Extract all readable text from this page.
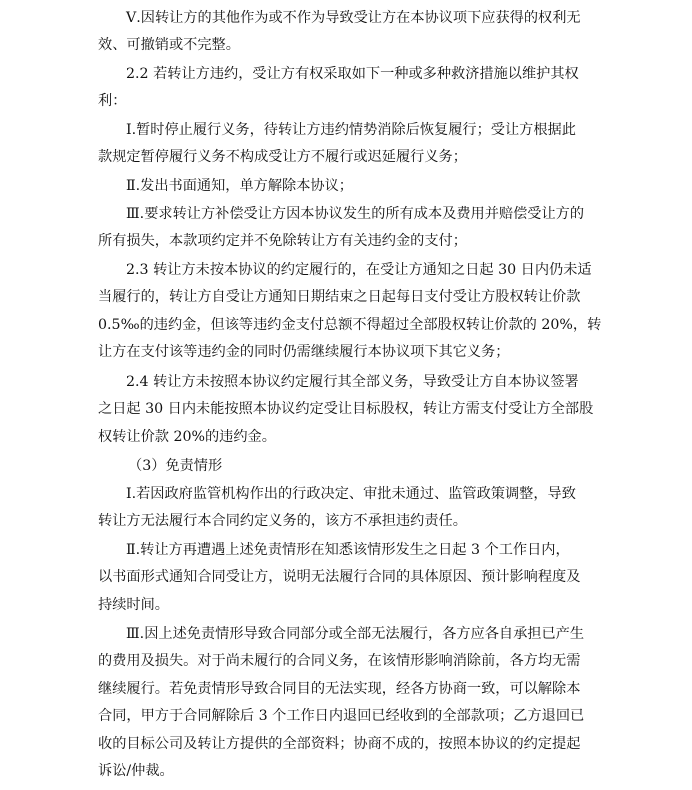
Ⅴ.因转让方的其他作为或不作为导致受让方在本协议项下应获得的权利无
效、可撤销或不完整。
2.2 若转让方违约，受让方有权采取如下一种或多种救济措施以维护其权
利：
Ⅰ.暂时停止履行义务，待转让方违约情势消除后恢复履行；受让方根据此
款规定暂停履行义务不构成受让方不履行或迟延履行义务；
Ⅱ.发出书面通知，单方解除本协议；
Ⅲ.要求转让方补偿受让方因本协议发生的所有成本及费用并赔偿受让方的
所有损失，本款项约定并不免除转让方有关违约金的支付；
2.3 转让方未按本协议的约定履行的，在受让方通知之日起 30 日内仍未适
当履行的，转让方自受让方通知日期结束之日起每日支付受让方股权转让价款
0.5‰的违约金，但该等违约金支付总额不得超过全部股权转让价款的 20%，转
让方在支付该等违约金的同时仍需继续履行本协议项下其它义务；
2.4 转让方未按照本协议约定履行其全部义务，导致受让方自本协议签署
之日起 30 日内未能按照本协议约定受让目标股权，转让方需支付受让方全部股
权转让价款 20%的违约金。
（3）免责情形
Ⅰ.若因政府监管机构作出的行政决定、审批未通过、监管政策调整，导致
转让方无法履行本合同约定义务的，该方不承担违约责任。
Ⅱ.转让方再遭遇上述免责情形在知悉该情形发生之日起 3 个工作日内，
以书面形式通知合同受让方，说明无法履行合同的具体原因、预计影响程度及
持续时间。
Ⅲ.因上述免责情形导致合同部分或全部无法履行，各方应各自承担已产生
的费用及损失。对于尚未履行的合同义务，在该情形影响消除前，各方均无需
继续履行。若免责情形导致合同目的无法实现，经各方协商一致，可以解除本
合同，甲方于合同解除后 3 个工作日内退回已经收到的全部款项；乙方退回已
收的目标公司及转让方提供的全部资料；协商不成的，按照本协议的约定提起
诉讼/仲裁。
